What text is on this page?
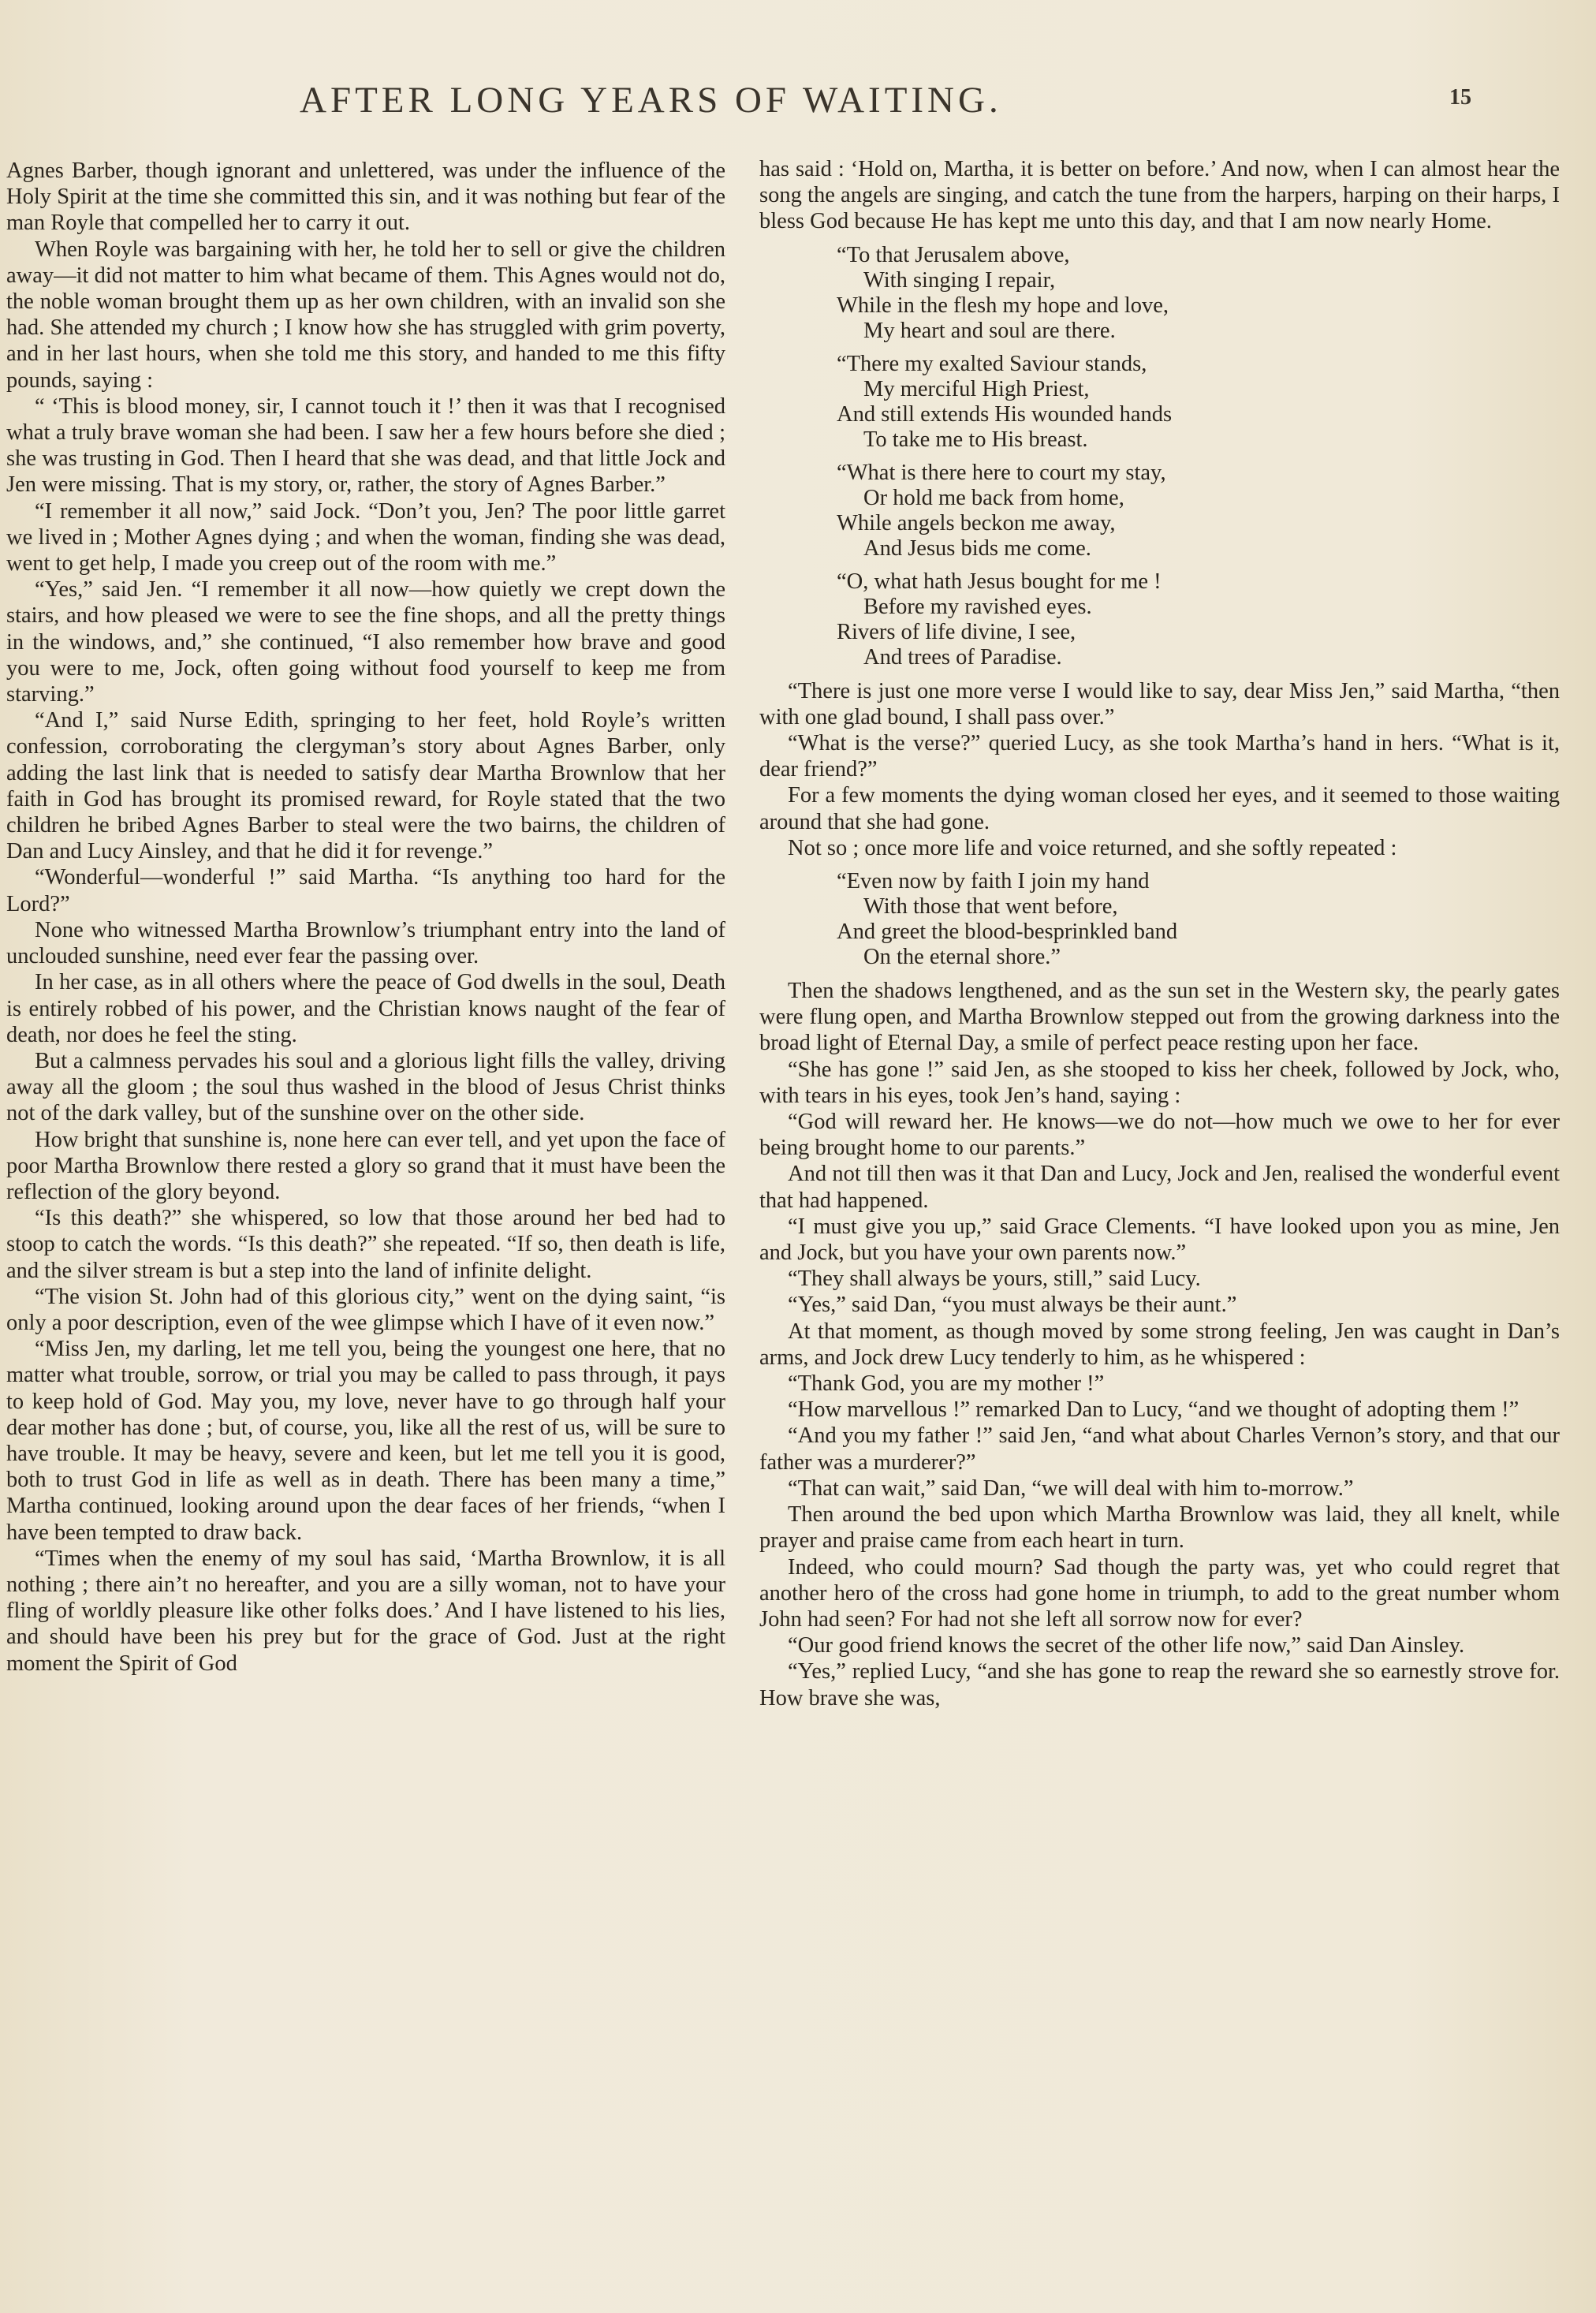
AFTER LONG YEARS OF WAITING.	15

Agnes Barber, though ignorant and unlettered, was under the influence of the Holy Spirit at the time she committed this sin, and it was nothing but fear of the man Royle that compelled her to carry it out.

When Royle was bargaining with her, he told her to sell or give the children away—it did not matter to him what became of them. This Agnes would not do, the noble woman brought them up as her own children, with an invalid son she had. She attended my church ; I know how she has struggled with grim poverty, and in her last hours, when she told me this story, and handed to me this fifty pounds, saying :

“ ‘This is blood money, sir, I cannot touch it !’ then it was that I recognised what a truly brave woman she had been. I saw her a few hours before she died ; she was trusting in God. Then I heard that she was dead, and that little Jock and Jen were missing. That is my story, or, rather, the story of Agnes Barber.”

“I remember it all now,” said Jock. “Don’t you, Jen? The poor little garret we lived in ; Mother Agnes dying ; and when the woman, finding she was dead, went to get help, I made you creep out of the room with me.”

“Yes,” said Jen. “I remember it all now—how quietly we crept down the stairs, and how pleased we were to see the fine shops, and all the pretty things in the windows, and,” she continued, “I also remember how brave and good you were to me, Jock, often going without food yourself to keep me from starving.”

“And I,” said Nurse Edith, springing to her feet, hold Royle’s written confession, corroborating the clergyman’s story about Agnes Barber, only adding the last link that is needed to satisfy dear Martha Brownlow that her faith in God has brought its promised reward, for Royle stated that the two children he bribed Agnes Barber to steal were the two bairns, the children of Dan and Lucy Ainsley, and that he did it for revenge.”

“Wonderful—wonderful !” said Martha. “Is anything too hard for the Lord?”

None who witnessed Martha Brownlow’s triumphant entry into the land of unclouded sunshine, need ever fear the passing over.

In her case, as in all others where the peace of God dwells in the soul, Death is entirely robbed of his power, and the Christian knows naught of the fear of death, nor does he feel the sting.

But a calmness pervades his soul and a glorious light fills the valley, driving away all the gloom ; the soul thus washed in the blood of Jesus Christ thinks not of the dark valley, but of the sunshine over on the other side.

How bright that sunshine is, none here can ever tell, and yet upon the face of poor Martha Brownlow there rested a glory so grand that it must have been the reflection of the glory beyond.

“Is this death?” she whispered, so low that those around her bed had to stoop to catch the words. “Is this death?” she repeated. “If so, then death is life, and the silver stream is but a step into the land of infinite delight.

“The vision St. John had of this glorious city,” went on the dying saint, “is only a poor description, even of the wee glimpse which I have of it even now.”

“Miss Jen, my darling, let me tell you, being the youngest one here, that no matter what trouble, sorrow, or trial you may be called to pass through, it pays to keep hold of God. May you, my love, never have to go through half your dear mother has done ; but, of course, you, like all the rest of us, will be sure to have trouble. It may be heavy, severe and keen, but let me tell you it is good, both to trust God in life as well as in death. There has been many a time,” Martha continued, looking around upon the dear faces of her friends, “when I have been tempted to draw back.

“Times when the enemy of my soul has said, ‘Martha Brownlow, it is all nothing ; there ain’t no hereafter, and you are a silly woman, not to have your fling of worldly pleasure like other folks does.’ And I have listened to his lies, and should have been his prey but for the grace of God. Just at the right moment the Spirit of God

has said : ‘Hold on, Martha, it is better on before.’ And now, when I can almost hear the song the angels are singing, and catch the tune from the harpers, harping on their harps, I bless God because He has kept me unto this day, and that I am now nearly Home.

“To that Jerusalem above,
With singing I repair,
While in the flesh my hope and love,
My heart and soul are there.
“There my exalted Saviour stands,
My merciful High Priest,
And still extends His wounded hands
To take me to His breast.
“What is there here to court my stay,
Or hold me back from home,
While angels beckon me away,
And Jesus bids me come.
“O, what hath Jesus bought for me !
Before my ravished eyes.
Rivers of life divine, I see,
And trees of Paradise.

“There is just one more verse I would like to say, dear Miss Jen,” said Martha, “then with one glad bound, I shall pass over.”

“What is the verse?” queried Lucy, as she took Martha’s hand in hers. “What is it, dear friend?”

For a few moments the dying woman closed her eyes, and it seemed to those waiting around that she had gone.

Not so ; once more life and voice returned, and she softly repeated :

“Even now by faith I join my hand
With those that went before,
And greet the blood-besprinkled band
On the eternal shore.”

Then the shadows lengthened, and as the sun set in the Western sky, the pearly gates were flung open, and Martha Brownlow stepped out from the growing darkness into the broad light of Eternal Day, a smile of perfect peace resting upon her face.

“She has gone !” said Jen, as she stooped to kiss her cheek, followed by Jock, who, with tears in his eyes, took Jen’s hand, saying :

“God will reward her. He knows—we do not—how much we owe to her for ever being brought home to our parents.”

And not till then was it that Dan and Lucy, Jock and Jen, realised the wonderful event that had happened.

“I must give you up,” said Grace Clements. “I have looked upon you as mine, Jen and Jock, but you have your own parents now.”

“They shall always be yours, still,” said Lucy.

“Yes,” said Dan, “you must always be their aunt.”

At that moment, as though moved by some strong feeling, Jen was caught in Dan’s arms, and Jock drew Lucy tenderly to him, as he whispered :

“Thank God, you are my mother !”

“How marvellous !” remarked Dan to Lucy, “and we thought of adopting them !”

“And you my father !” said Jen, “and what about Charles Vernon’s story, and that our father was a murderer?”

“That can wait,” said Dan, “we will deal with him to-morrow.”

Then around the bed upon which Martha Brownlow was laid, they all knelt, while prayer and praise came from each heart in turn.

Indeed, who could mourn? Sad though the party was, yet who could regret that another hero of the cross had gone home in triumph, to add to the great number whom John had seen? For had not she left all sorrow now for ever?

“Our good friend knows the secret of the other life now,” said Dan Ainsley.

“Yes,” replied Lucy, “and she has gone to reap the reward she so earnestly strove for. How brave she was,
